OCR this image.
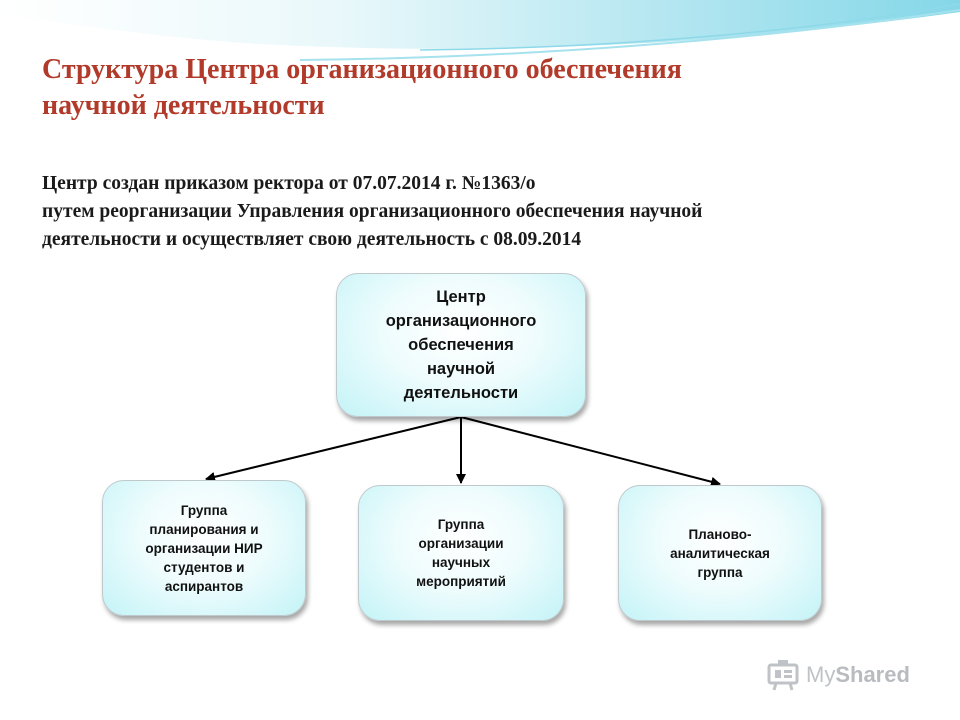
Структура Центра организационного обеспечения
научной деятельности
Центр создан приказом ректора от 07.07.2014 г. №1363/о
путем реорганизации Управления организационного обеспечения научной
деятельности и осуществляет свою деятельность с 08.09.2014
Центр
организационного
обеспечения
научной
деятельности
Группа
планирования и
организации НИР
студентов и
аспирантов
Группа
организации
научных
мероприятий
Планово-
аналитическая
группа
MyShared
